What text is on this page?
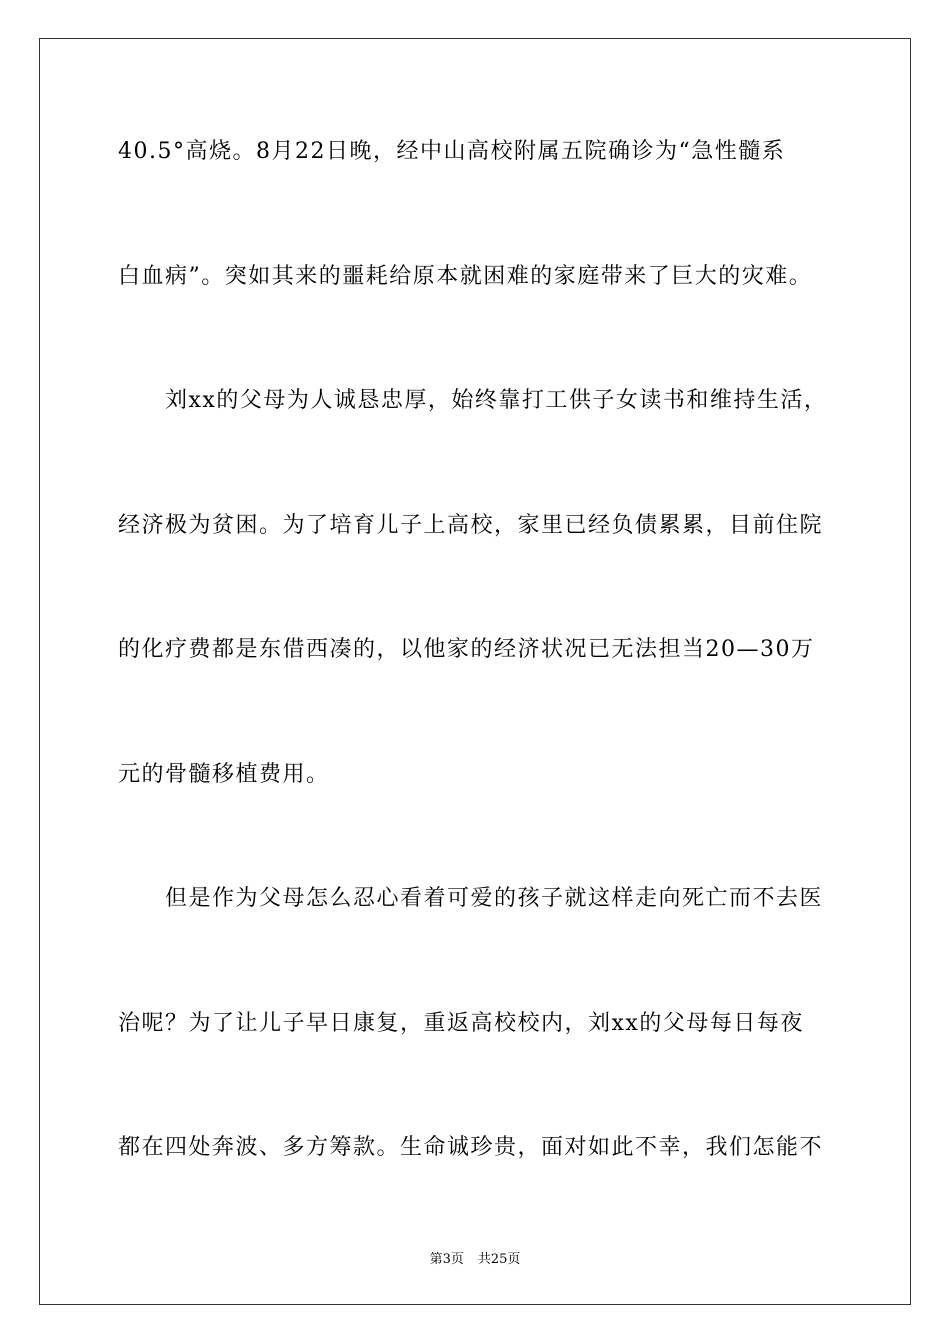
40.5°高烧。8月22日晚，经中山高校附属五院确诊为“急性髓系
白血病”。突如其来的噩耗给原本就困难的家庭带来了巨大的灾难。
刘xx的父母为人诚恳忠厚，始终靠打工供子女读书和维持生活，
经济极为贫困。为了培育儿子上高校，家里已经负债累累，目前住院
的化疗费都是东借西凑的，以他家的经济状况已无法担当20—30万
元的骨髓移植费用。
但是作为父母怎么忍心看着可爱的孩子就这样走向死亡而不去医
治呢？为了让儿子早日康复，重返高校校内，刘xx的父母每日每夜
都在四处奔波、多方筹款。生命诚珍贵，面对如此不幸，我们怎能不
第3页 共25页
